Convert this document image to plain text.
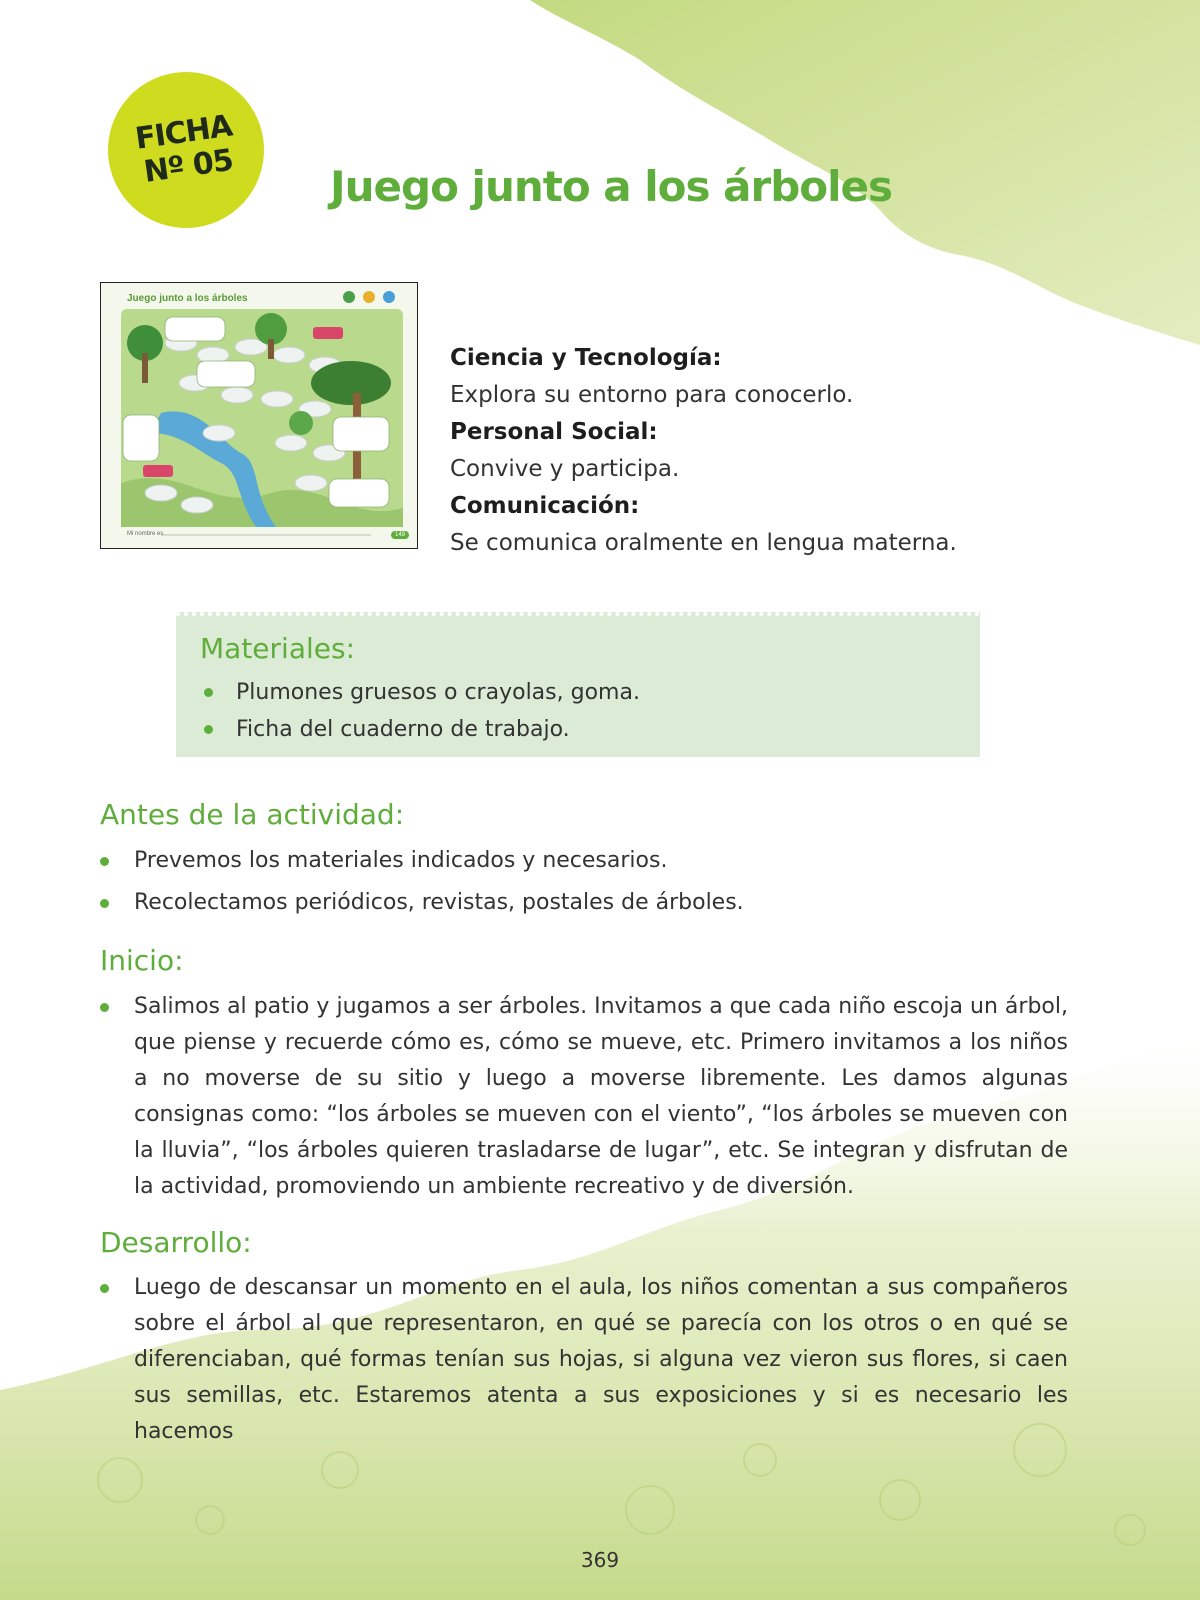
FICHA
Nº 05 Juego junto a los árboles
Juego junto a los árboles
Mi nombre es	149
Ciencia y Tecnología:
Explora su entorno para conocerlo.
Personal Social:
Convive y participa.
Comunicación:
Se comunica oralmente en lengua materna.
Materiales:
Plumones gruesos o crayolas, goma.
Ficha del cuaderno de trabajo.
Antes de la actividad:
Prevemos los materiales indicados y necesarios.
Recolectamos periódicos, revistas, postales de árboles.
Inicio:
Salimos al patio y jugamos a ser árboles. Invitamos a que cada niño escoja un árbol, que piense y recuerde cómo es, cómo se mueve, etc. Primero invitamos a los niños a no moverse de su sitio y luego a moverse libremente. Les damos algunas consignas como: “los árboles se mueven con el viento”, “los árboles se mueven con la lluvia”, “los árboles quieren trasladarse de lugar”, etc. Se integran y disfrutan de la actividad, promoviendo un ambiente recreativo y de diversión.
Desarrollo:
Luego de descansar un momento en el aula, los niños comentan a sus compañeros sobre el árbol al que representaron, en qué se parecía con los otros o en qué se diferenciaban, qué formas tenían sus hojas, si alguna vez vieron sus flores, si caen sus semillas, etc. Estaremos atenta a sus exposiciones y si es necesario les hacemos
369
